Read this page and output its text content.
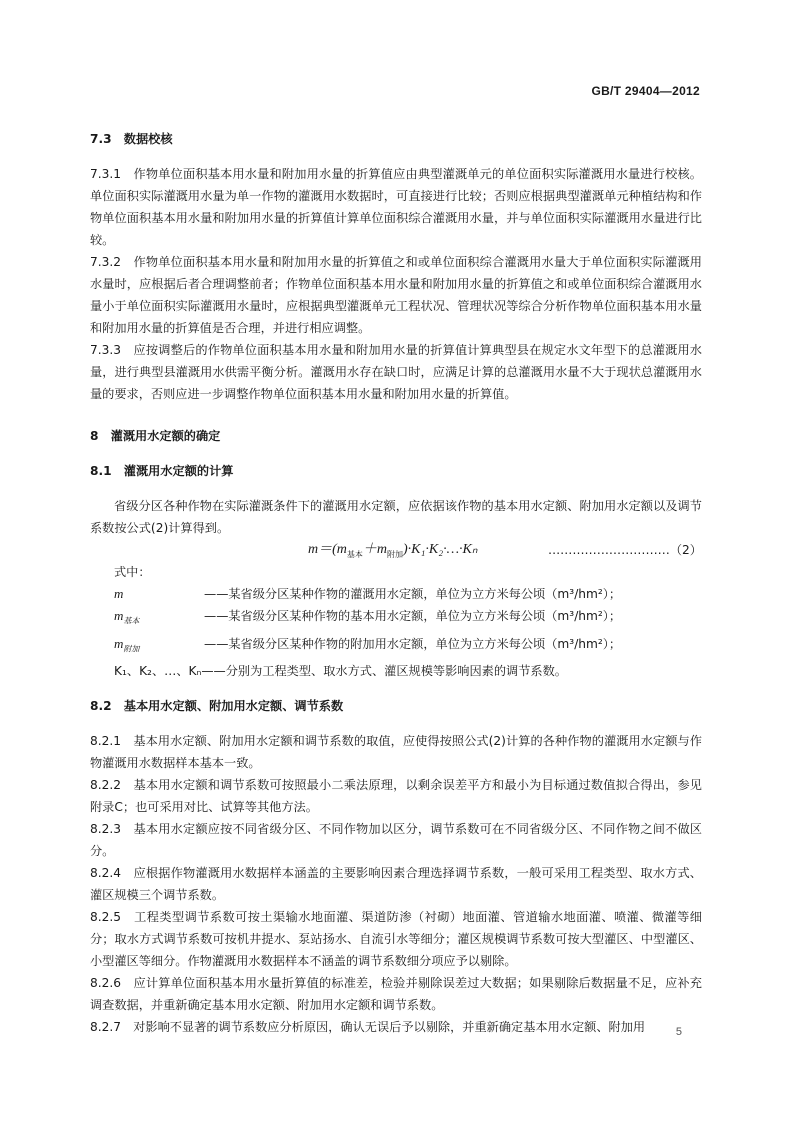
GB/T 29404—2012

7.3　数据校核

7.3.1　作物单位面积基本用水量和附加用水量的折算值应由典型灌溉单元的单位面积实际灌溉用水量进行校核。单位面积实际灌溉用水量为单一作物的灌溉用水数据时，可直接进行比较；否则应根据典型灌溉单元种植结构和作物单位面积基本用水量和附加用水量的折算值计算单位面积综合灌溉用水量，并与单位面积实际灌溉用水量进行比较。

7.3.2　作物单位面积基本用水量和附加用水量的折算值之和或单位面积综合灌溉用水量大于单位面积实际灌溉用水量时，应根据后者合理调整前者；作物单位面积基本用水量和附加用水量的折算值之和或单位面积综合灌溉用水量小于单位面积实际灌溉用水量时，应根据典型灌溉单元工程状况、管理状况等综合分析作物单位面积基本用水量和附加用水量的折算值是否合理，并进行相应调整。

7.3.3　应按调整后的作物单位面积基本用水量和附加用水量的折算值计算典型县在规定水文年型下的总灌溉用水量，进行典型县灌溉用水供需平衡分析。灌溉用水存在缺口时，应满足计算的总灌溉用水量不大于现状总灌溉用水量的要求，否则应进一步调整作物单位面积基本用水量和附加用水量的折算值。

8　灌溉用水定额的确定

8.1　灌溉用水定额的计算

省级分区各种作物在实际灌溉条件下的灌溉用水定额，应依据该作物的基本用水定额、附加用水定额以及调节系数按公式(2)计算得到。

$m=(m_{基本}+m_{附加})\cdot K_1\cdot K_2\cdot\dots\cdot K_n$	…………………………（2）

式中：

m	——某省级分区某种作物的灌溉用水定额，单位为立方米每公顷（m³/hm²）；
$m_{基本}$	——某省级分区某种作物的基本用水定额，单位为立方米每公顷（m³/hm²）；
$m_{附加}$	——某省级分区某种作物的附加用水定额，单位为立方米每公顷（m³/hm²）；

K₁、K₂、…、Kₙ——分别为工程类型、取水方式、灌区规模等影响因素的调节系数。

8.2　基本用水定额、附加用水定额、调节系数

8.2.1　基本用水定额、附加用水定额和调节系数的取值，应使得按照公式(2)计算的各种作物的灌溉用水定额与作物灌溉用水数据样本基本一致。

8.2.2　基本用水定额和调节系数可按照最小二乘法原理，以剩余误差平方和最小为目标通过数值拟合得出，参见附录C；也可采用对比、试算等其他方法。

8.2.3　基本用水定额应按不同省级分区、不同作物加以区分，调节系数可在不同省级分区、不同作物之间不做区分。

8.2.4　应根据作物灌溉用水数据样本涵盖的主要影响因素合理选择调节系数，一般可采用工程类型、取水方式、灌区规模三个调节系数。

8.2.5　工程类型调节系数可按土渠输水地面灌、渠道防渗（衬砌）地面灌、管道输水地面灌、喷灌、微灌等细分；取水方式调节系数可按机井提水、泵站扬水、自流引水等细分；灌区规模调节系数可按大型灌区、中型灌区、小型灌区等细分。作物灌溉用水数据样本不涵盖的调节系数细分项应予以剔除。

8.2.6　应计算单位面积基本用水量折算值的标准差，检验并剔除误差过大数据；如果剔除后数据量不足，应补充调查数据，并重新确定基本用水定额、附加用水定额和调节系数。

8.2.7　对影响不显著的调节系数应分析原因，确认无误后予以剔除，并重新确定基本用水定额、附加用	5
